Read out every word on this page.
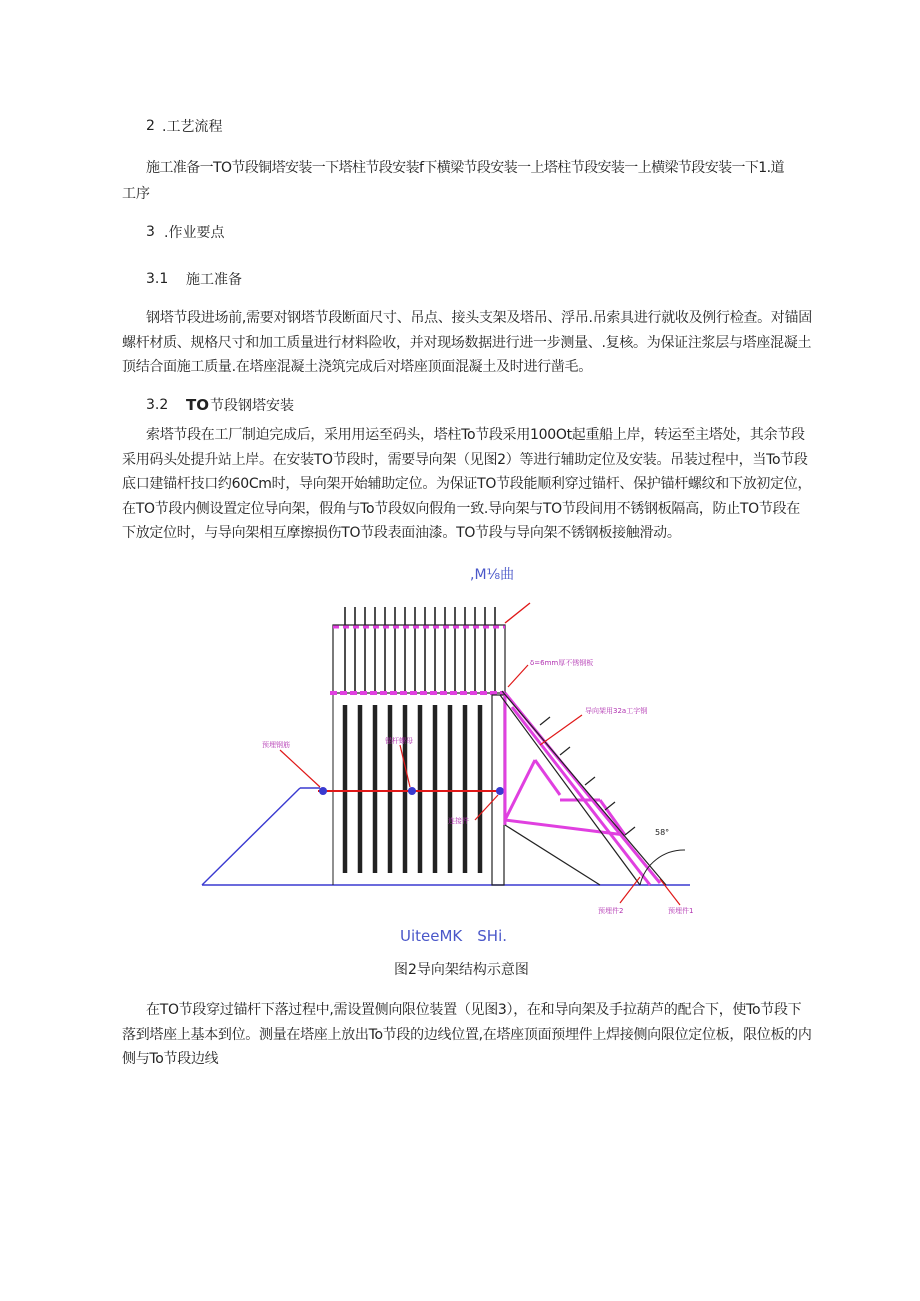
2 .工艺流程
施工准备一TO节段铜塔安装一下塔柱节段安装f下横梁节段安装一上塔柱节段安装一上横梁节段安装一下1.道
工序
3 .作业要点
3.1 施工准备
钢塔节段进场前,需要对钢塔节段断面尺寸、吊点、接头支架及塔吊、浮吊.吊索具进行就收及例行检查。对锚固螺杆材质、规格尺寸和加工质量进行材料险收，并对现场数据进行进一步测量、.复核。为保证注浆层与塔座混凝土顶结合面施工质量.在塔座混凝土浇筑完成后对塔座顶面混凝土及时进行凿毛。
3.2 TO 节段钢塔安装
索塔节段在工厂制迫完成后，采用用运至码头，塔柱To节段采用100Ot起重船上岸，转运至主塔处，其余节段采用码头处提升站上岸。在安装TO节段时，需要导向架（见图2）等进行辅助定位及安装。吊装过程中，当To节段底口建锚杆技口约60Cm时，导向架开始辅助定位。为保证TO节段能顺利穿过锚杆、保护锚杆螺纹和下放初定位，在TO节段内侧设置定位导向架，假角与To节段奴向假角一致.导向架与TO节段间用不锈钢板隔高，防止TO节段在下放定位时，与导向架相互摩擦损伤TO节段表面油漆。TO节段与导向架不锈钢板接触滑动。
,M⅛曲
58°
δ=6mm厚不锈钢板
导向架用32a工字钢
预埋钢筋	锚杆螺母
连接件
预埋件2	预埋件1
UiteeMK　SHi.
图2导向架结构示意图
在TO节段穿过锚杆下落过程中,需设置侧向限位装置（见图3），在和导向架及手拉葫芦的配合下，使To节段下落到塔座上基本到位。测量在塔座上放出To节段的边线位置,在塔座顶面预埋件上焊接侧向限位定位板，限位板的内侧与To节段边线
